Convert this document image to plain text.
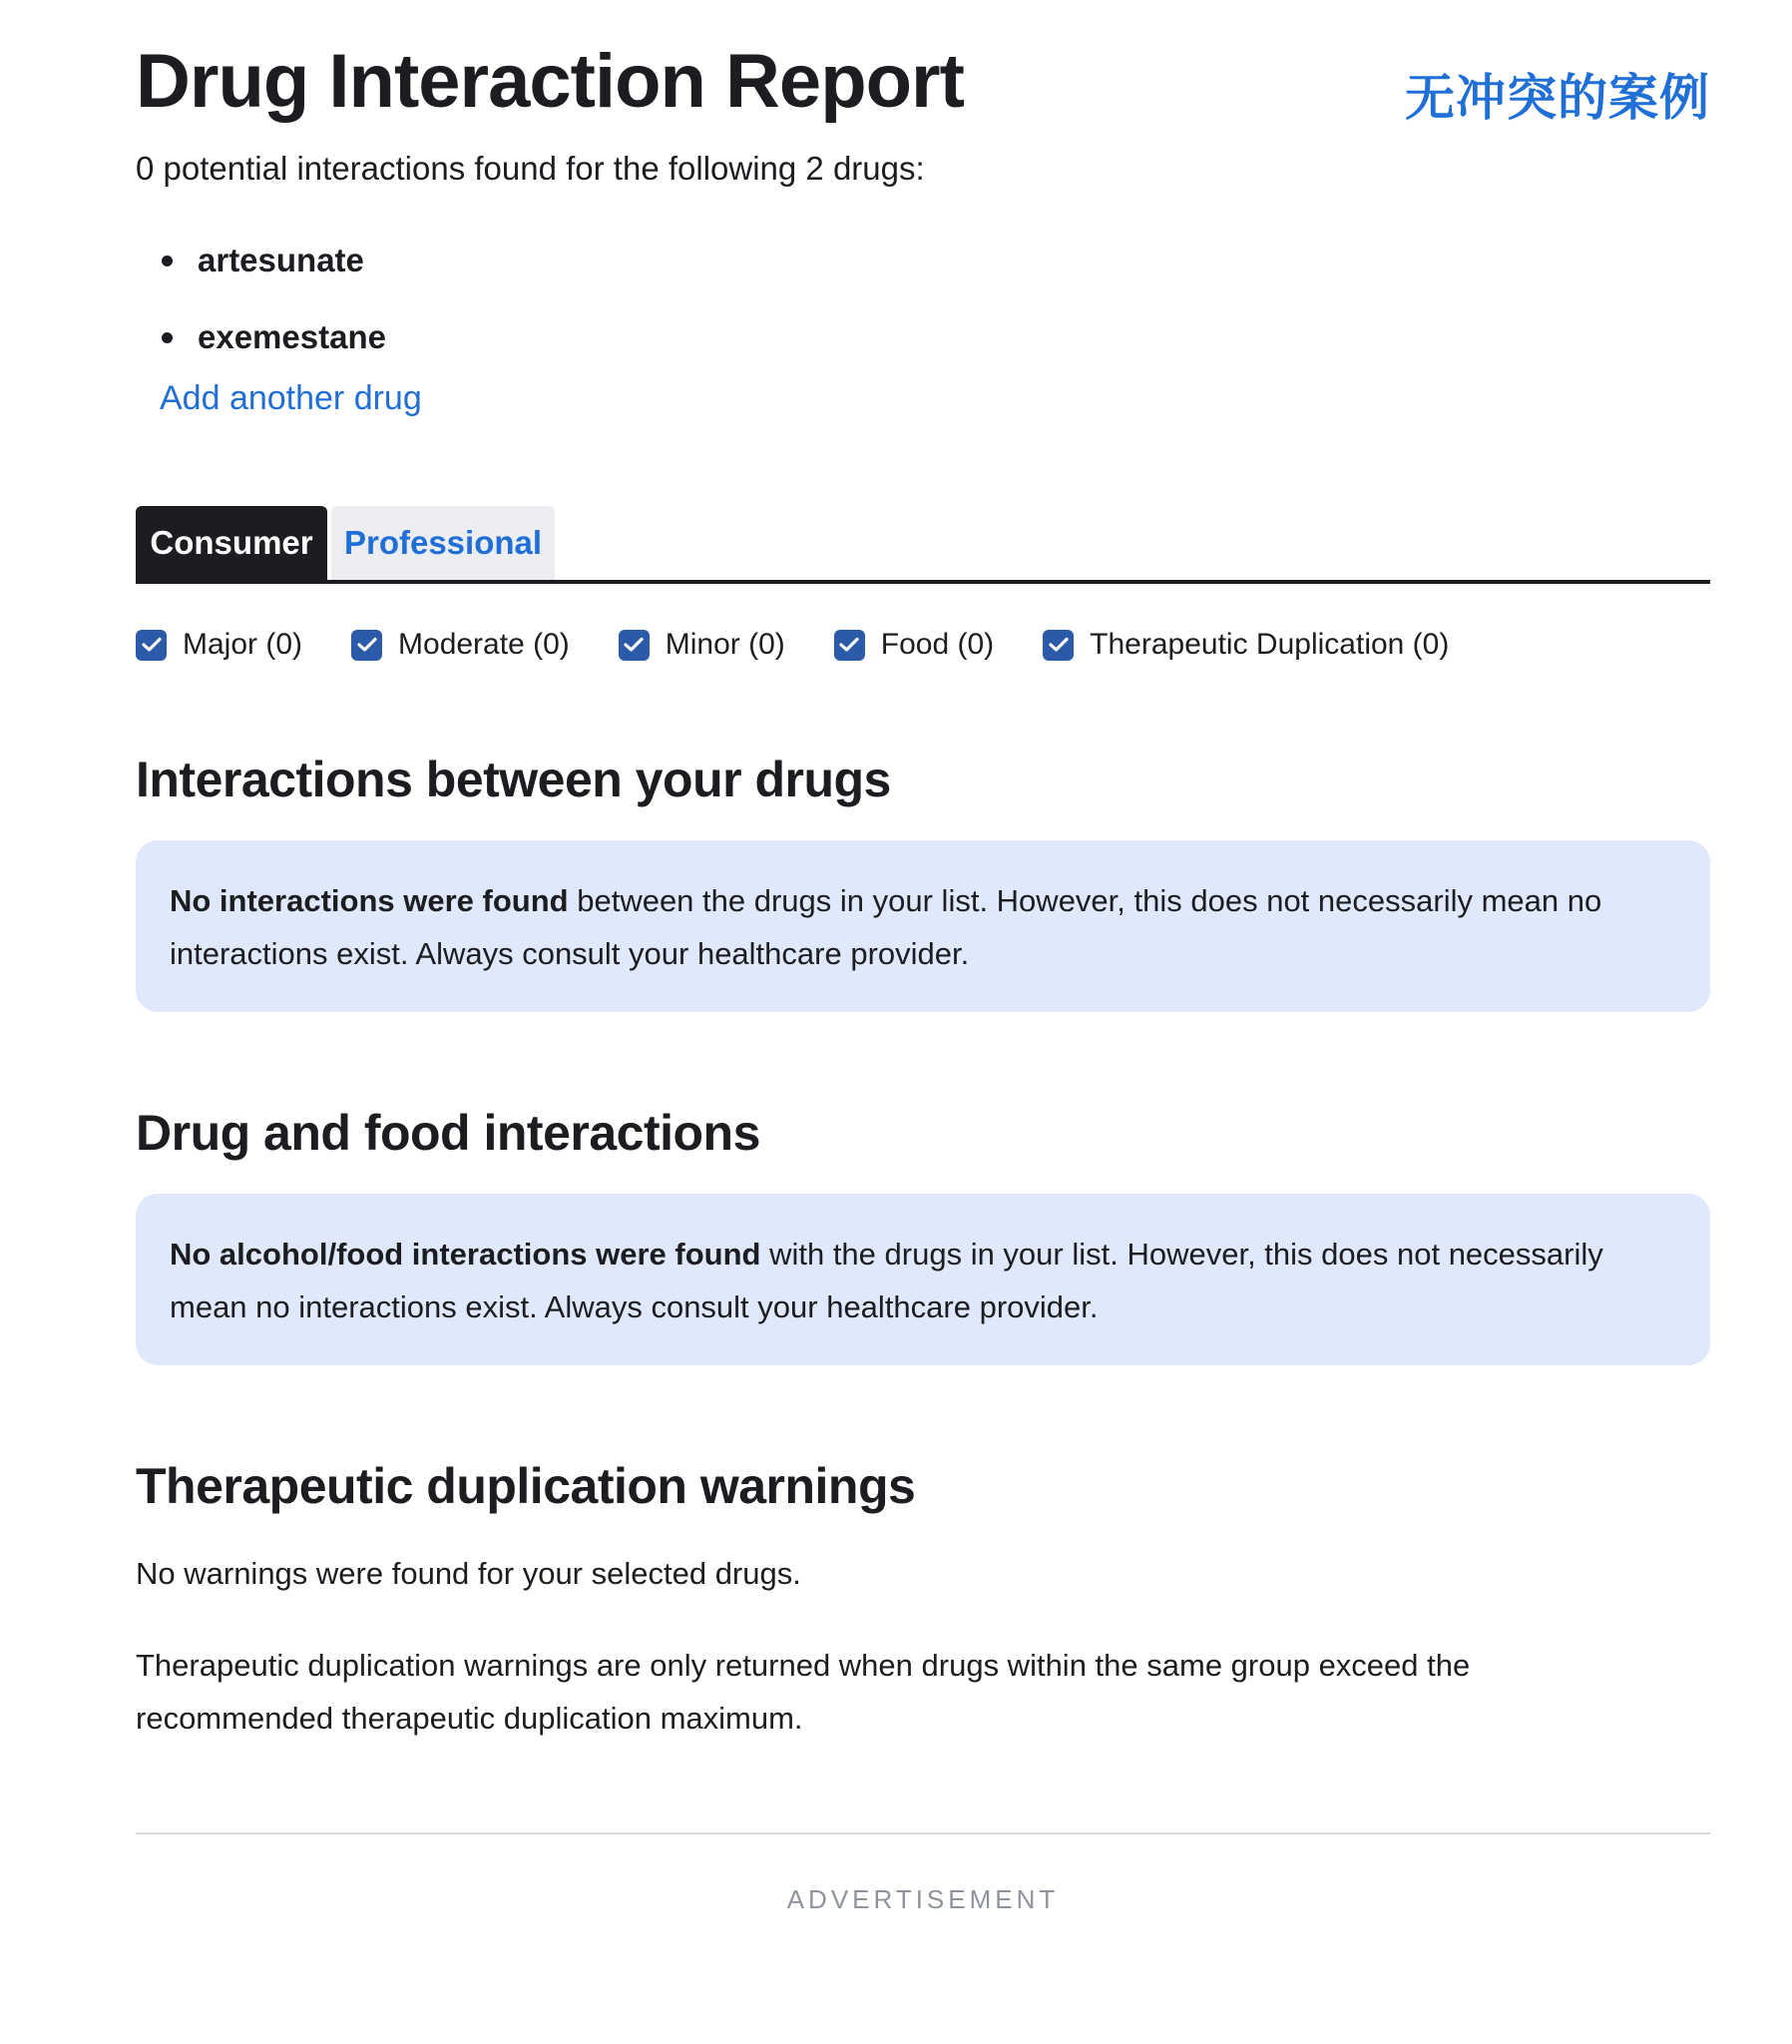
无冲突的案例
Drug Interaction Report

0 potential interactions found for the following 2 drugs:

artesunate
exemestane
Add another drug
Consumer Professional
Major (0)	Moderate (0)	Minor (0)	Food (0)	Therapeutic Duplication (0)
Interactions between your drugs
No interactions were found between the drugs in your list. However, this does not necessarily mean no interactions exist. Always consult your healthcare provider.
Drug and food interactions
No alcohol/food interactions were found with the drugs in your list. However, this does not necessarily mean no interactions exist. Always consult your healthcare provider.
Therapeutic duplication warnings

No warnings were found for your selected drugs.

Therapeutic duplication warnings are only returned when drugs within the same group exceed the recommended therapeutic duplication maximum.

ADVERTISEMENT
